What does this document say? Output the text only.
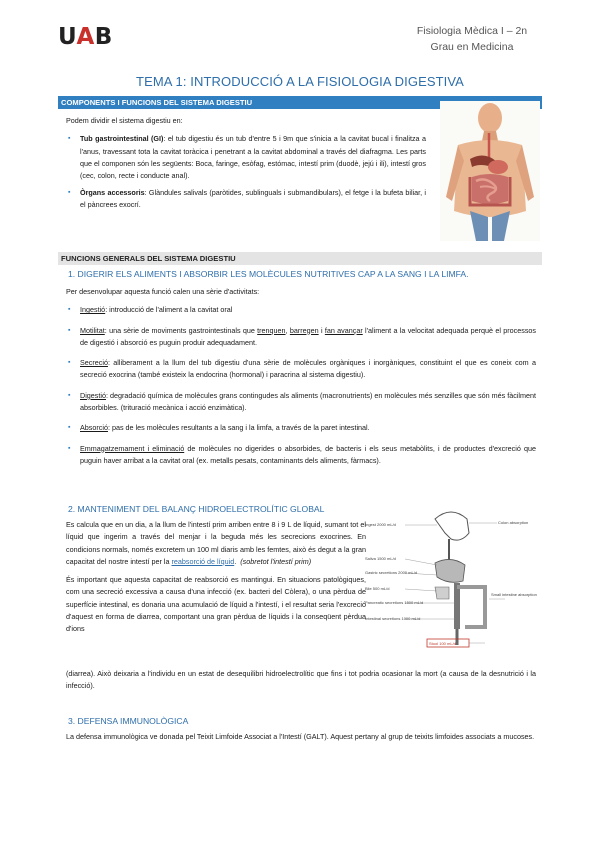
UAB	Fisiologia Mèdica I – 2n
Grau en Medicina
TEMA 1: INTRODUCCIÓ A LA FISIOLOGIA DIGESTIVA
COMPONENTS I FUNCIONS DEL SISTEMA DIGESTIU

Podem dividir el sistema digestiu en:

▪ Tub gastrointestinal (GI): el tub digestiu és un tub d'entre 5 i 9m que s'inicia a la cavitat bucal i finalitza a l'anus, travessant tota la cavitat toràcica i penetrant a la cavitat abdominal a través del diafragma. Les parts que el componen són les següents: Boca, faringe, esòfag, estómac, intestí prim (duodè, jejú i ili), intestí gros (cec, colon, recte i conducte anal).
▪ Òrgans accessoris: Glàndules salivals (paròtides, sublinguals i submandibulars), el fetge i la bufeta biliar, i el pàncrees exocrí.
FUNCIONS GENERALS DEL SISTEMA DIGESTIU
1. DIGERIR ELS ALIMENTS I ABSORBIR LES MOLÈCULES NUTRITIVES CAP A LA SANG I LA LIMFA.

Per desenvolupar aquesta funció calen una sèrie d'activitats:

▪ Ingestió: introducció de l'aliment a la cavitat oral
▪ Motilitat: una sèrie de moviments gastrointestinals que trenquen, barregen i fan avançar l'aliment a la velocitat adequada perquè el processos de digestió i absorció es puguin produir adequadament.
▪ Secreció: alliberament a la llum del tub digestiu d'una sèrie de molècules orgàniques i inorgàniques, constituint el que es coneix com a secreció exocrina (també existeix la endocrina (hormonal) i paracrina al sistema digestiu).
▪ Digestió: degradació química de molècules grans contingudes als aliments (macronutrients) en molècules més senzilles que són més fàcilment absorbibles. (trituració mecànica i acció enzimàtica).
▪ Absorció: pas de les molècules resultants a la sang i la limfa, a través de la paret intestinal.
▪ Emmagatzemament i eliminació de molècules no digerides o absorbides, de bacteris i els seus metabòlits, i de productes d'excreció que puguin haver arribat a la cavitat oral (ex. metalls pesats, contaminants dels aliments, fàrmacs).
2. MANTENIMENT DEL BALANÇ HIDROELECTROLÍTIC GLOBAL

Es calcula que en un dia, a la llum de l'intestí prim arriben entre 8 i 9 L de líquid, sumant tot el líquid que ingerim a través del menjar i la beguda més les secrecions exocrines. En condicions normals, només excretem un 100 ml diaris amb les femtes, això és degut a la gran capacitat del nostre intestí per la reabsorció de líquid.  (sobretot l'intestí prim)

És important que aquesta capacitat de reabsorció es mantingui. En situacions patològiques, com una secreció excessiva a causa d'una infecció (ex. bacteri del Còlera), o una pèrdua de superfície intestinal, es donaria una acumulació de líquid a l'intestí, i el resultat seria l'excreció d'aquest en forma de diarrea, comportant una gran pèrdua de líquids i la conseqüent pèrdua d'ions

Ingest 2000 mL/d
Saliva 1500 mL/d
Gastric secretions 2000 mL/d
Bile 500 mL/d
Pancreatic secretions 1500 mL/d
Intestinal secretions 1000 mL/d
Colon absorption
Small intestine absorption
Stool 100 mL/d
(diarrea). Això deixaria a l'individu en un estat de desequilibri hidroelectrolític que fins i tot podria ocasionar la mort (a causa de la desnutrició i la infecció).
3. DEFENSA IMMUNOLÒGICA
La defensa immunològica ve donada pel Teixit Limfoide Associat a l'Intestí (GALT). Aquest pertany al grup de teixits limfoides associats a mucoses.
